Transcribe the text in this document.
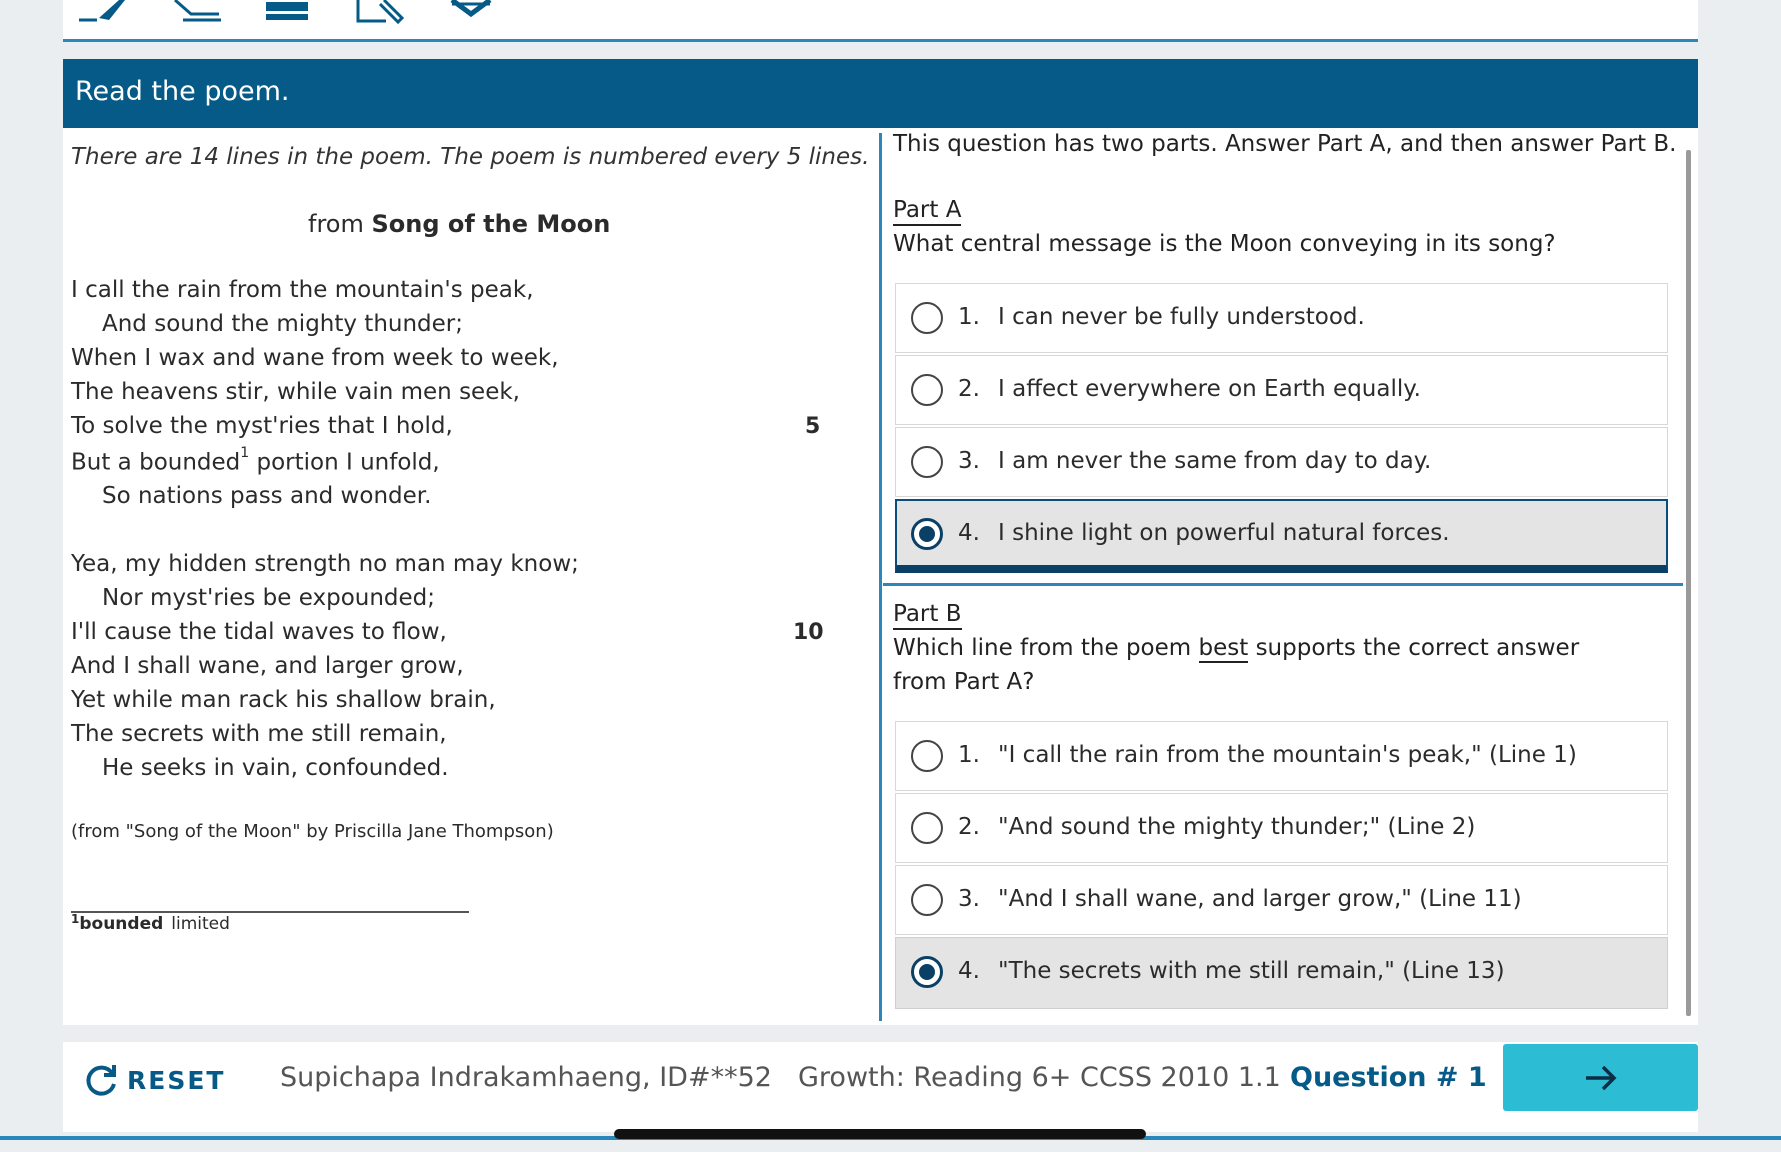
Read the poem.
There are 14 lines in the poem. The poem is numbered every 5 lines.
from Song of the Moon
I call the rain from the mountain's peak,
And sound the mighty thunder;
When I wax and wane from week to week,
The heavens stir, while vain men seek,
To solve the myst'ries that I hold,	5
But a bounded$^1$ portion I unfold,
So nations pass and wonder.
Yea, my hidden strength no man may know;
Nor myst'ries be expounded;
I'll cause the tidal waves to flow,	10
And I shall wane, and larger grow,
Yet while man rack his shallow brain,
The secrets with me still remain,
He seeks in vain, confounded.
(from "Song of the Moon" by Priscilla Jane Thompson)
$^1$bounded limited
This question has two parts. Answer Part A, and then answer Part B.
Part A
What central message is the Moon conveying in its song?
1. I can never be fully understood.
2. I affect everywhere on Earth equally.
3. I am never the same from day to day.
4. I shine light on powerful natural forces.
Part B
Which line from the poem best supports the correct answer from Part A?
1. "I call the rain from the mountain's peak," (Line 1)
2. "And sound the mighty thunder;" (Line 2)
3. "And I shall wane, and larger grow," (Line 11)
4. "The secrets with me still remain," (Line 13)
RESET Supichapa Indrakamhaeng, ID#**52 Growth: Reading 6+ CCSS 2010 1.1 Question # 1
